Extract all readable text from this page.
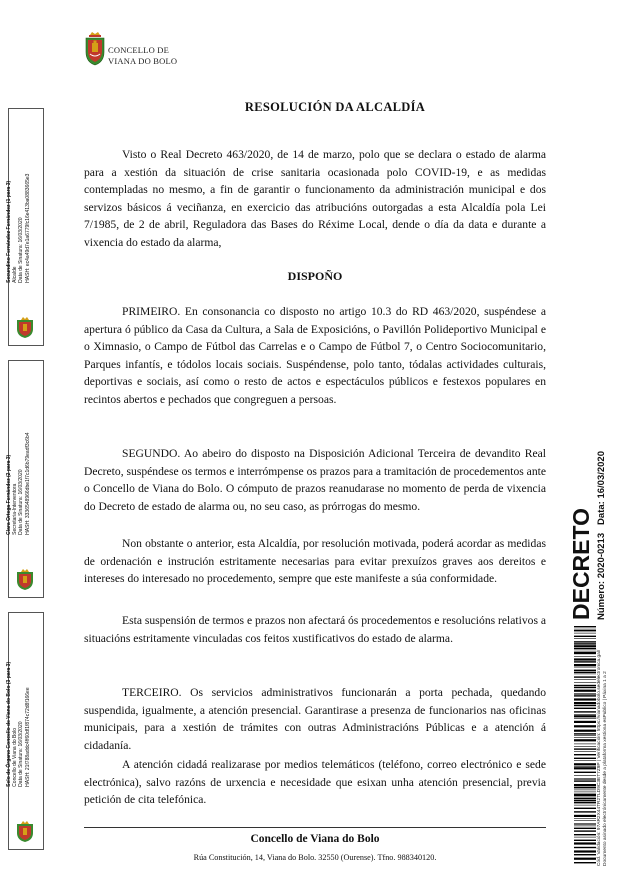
CONCELLO DE
VIANA DO BOLO
RESOLUCIÓN DA ALCALDÍA

Visto o Real Decreto 463/2020, de 14 de marzo, polo que se declara o estado de alarma para a xestión da situación de crise sanitaria ocasionada polo COVID-19, e as medidas contempladas no mesmo, a fin de garantir o funcionamento da administración municipal e dos servizos básicos á veciñanza, en exercicio das atribucións outorgadas a esta Alcaldía pola Lei 7/1985, de 2 de abril, Reguladora das Bases do Réxime Local, dende o día da data e durante a vixencia do estado da alarma,

DISPOÑO

PRIMEIRO. En consonancia co disposto no artigo 10.3 do RD 463/2020, suspéndese a apertura ó público da Casa da Cultura, a Sala de Exposicións, o Pavillón Polideportivo Municipal e o Ximnasio, o Campo de Fútbol das Carrelas e o Campo de Fútbol 7, o Centro Sociocomunitario, Parques infantís, e tódolos locais sociais. Suspéndense, polo tanto, tódalas actividades culturais, deportivas e sociais, así como o resto de actos e espectáculos públicos e festexos populares en recintos abertos e pechados que congreguen a persoas.

SEGUNDO. Ao abeiro do disposto na Disposición Adicional Terceira de devandito Real Decreto, suspéndese os termos e interrómpense os prazos para a tramitación de procedementos ante o Concello de Viana do Bolo. O cómputo de prazos reanudarase no momento de perda de vixencia do Decreto de estado de alarma ou, no seu caso, as prórrogas do mesmo.

Non obstante o anterior, esta Alcaldía, por resolución motivada, poderá acordar as medidas de ordenación e instrución estritamente necesarias para evitar prexuízos graves aos dereitos e intereses do interesado no procedemento, sempre que este manifeste a súa conformidade.

Esta suspensión de termos e prazos non afectará ós procedementos e resolucións relativos a situacións estritamente vinculadas cos feitos xustificativos do estado de alarma.

TERCEIRO. Os servicios administrativos funcionarán a porta pechada, quedando suspendida, igualmente, a atención presencial. Garantirase a presenza de funcionarios nas oficinas municipais, para a xestión de trámites con outras Administracións Públicas e a atención á cidadanía.

A atención cidadá realizarase por medios telemáticos (teléfono, correo electrónico e sede electrónica), salvo razóns de urxencia e necesidade que esixan unha atención presencial, previa petición de cita telefónica.

Concello de Viana do Bolo
Rúa Constitución, 14, Viana do Bolo. 32550 (Ourense). Tfno. 988340120.
Secundino Fernández Fernández (1 para 3) Alcalde Data de Sinatura: 16/03/2020 HASH: ec4a49d7e1a6779fc16e413ba0883665e3
Clara Ortega Fernández (2 para 3) Secretaria-Interventora Data de Sinatura: 16/03/2020 HASH: 3336548966dbe1f7c1d6b79eadf3c6b4
Selo de Órgano Concello de Viana do Bolo (3 para 3) Concello de Viana do Bolo Data de Sinatura: 16/03/2020 HASH: 21f788addc4ff60df1f874c72d8f166ee
DECRETO Número: 2020-0213   Data: 16/03/2020
Cód. Validación: 97AR2X44TR2TLD9C3ET7Z9P | Verificación: https://vianadobolo.sedelectronica.gal/ Documento asinado electrónicamente desde a plataforma xestiona esPublico | Páxina 1 a 2
